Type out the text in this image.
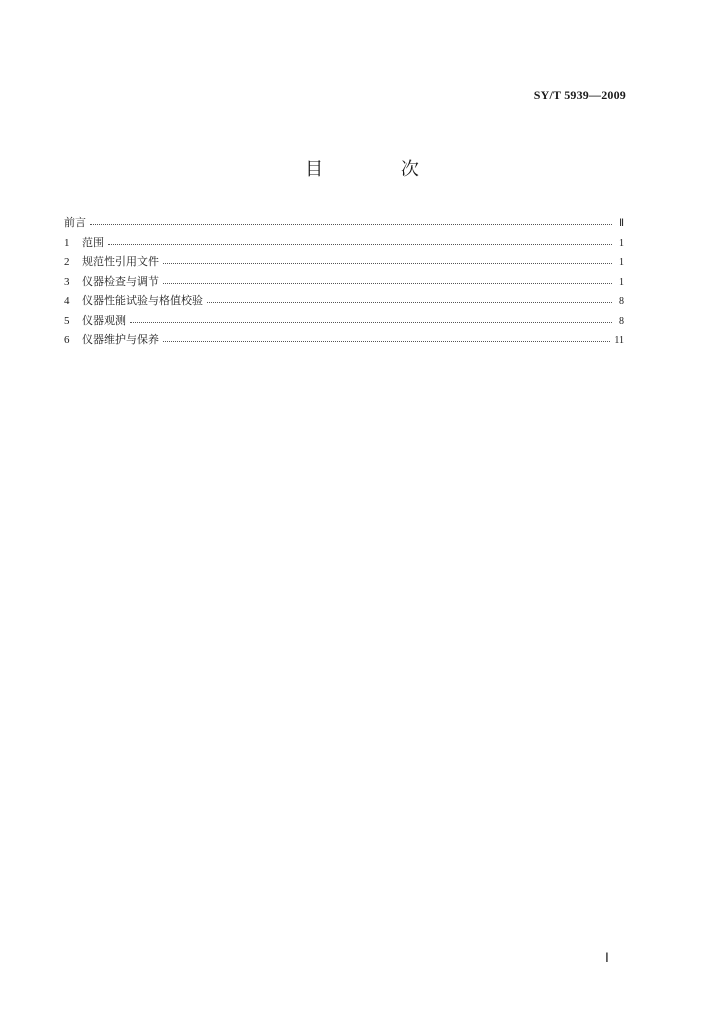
SY/T 5939—2009
目 次
前言	Ⅱ
1	范围	1
2	规范性引用文件	1
3	仪器检查与调节	1
4	仪器性能试验与格值校验	8
5	仪器观测	8
6	仪器维护与保养	11
Ⅰ
